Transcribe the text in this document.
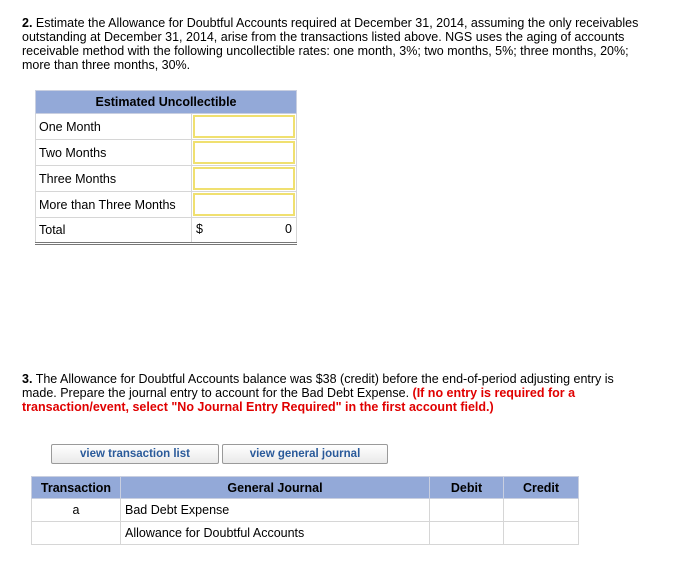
2. Estimate the Allowance for Doubtful Accounts required at December 31, 2014, assuming the only receivables outstanding at December 31, 2014, arise from the transactions listed above. NGS uses the aging of accounts receivable method with the following uncollectible rates: one month, 3%; two months, 5%; three months, 20%; more than three months, 30%.
Estimated Uncollectible	
One Month	

Two Months	

Three Months	

More than Three Months	

Total	$ 0
3. The Allowance for Doubtful Accounts balance was $38 (credit) before the end-of-period adjusting entry is made. Prepare the journal entry to account for the Bad Debt Expense. (If no entry is required for a transaction/event, select "No Journal Entry Required" in the first account field.)
view transaction list	view general journal
Transaction	General Journal	Debit	Credit
a	Bad Debt Expense		
	Allowance for Doubtful Accounts		
